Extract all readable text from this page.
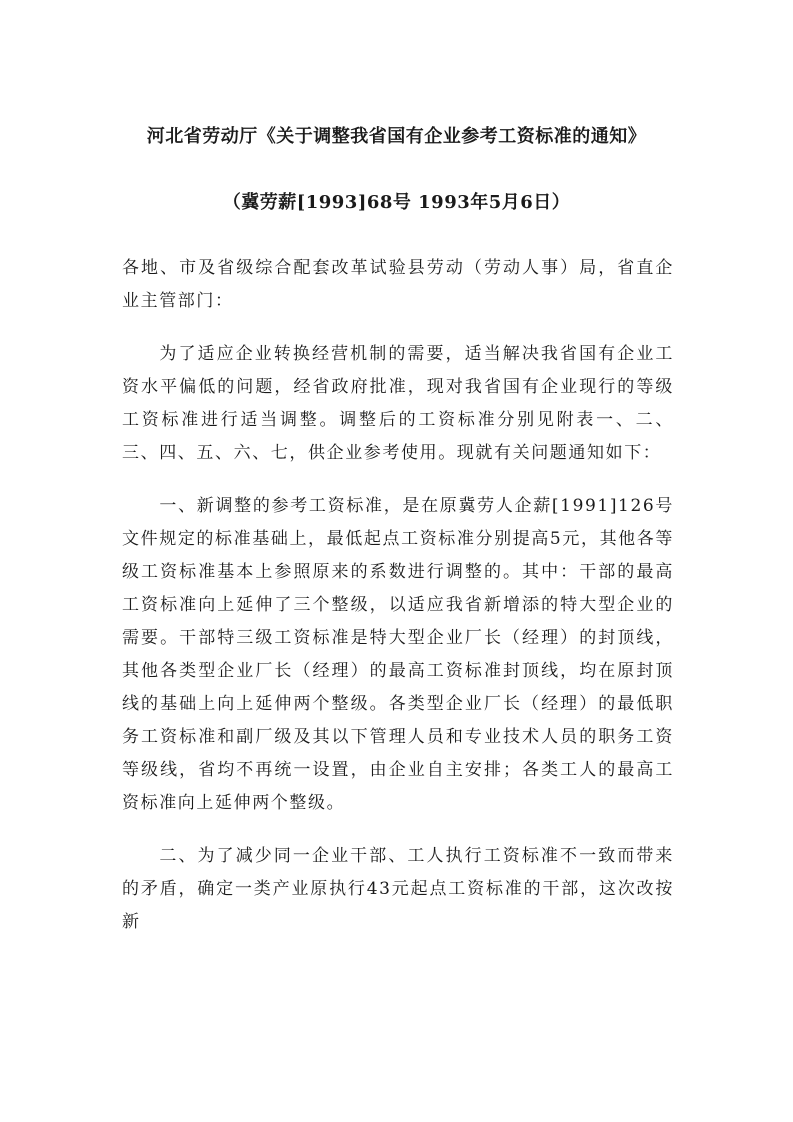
河北省劳动厅《关于调整我省国有企业参考工资标准的通知》
（冀劳薪[1993]68号 1993年5月6日）

各地、市及省级综合配套改革试验县劳动（劳动人事）局，省直企业主管部门：

为了适应企业转换经营机制的需要，适当解决我省国有企业工资水平偏低的问题，经省政府批准，现对我省国有企业现行的等级工资标准进行适当调整。调整后的工资标准分别见附表一、二、三、四、五、六、七，供企业参考使用。现就有关问题通知如下：

一、新调整的参考工资标准，是在原冀劳人企薪[1991]126号文件规定的标准基础上，最低起点工资标准分别提高5元，其他各等级工资标准基本上参照原来的系数进行调整的。其中：干部的最高工资标准向上延伸了三个整级，以适应我省新增添的特大型企业的需要。干部特三级工资标准是特大型企业厂长（经理）的封顶线，其他各类型企业厂长（经理）的最高工资标准封顶线，均在原封顶线的基础上向上延伸两个整级。各类型企业厂长（经理）的最低职务工资标准和副厂级及其以下管理人员和专业技术人员的职务工资等级线，省均不再统一设置，由企业自主安排；各类工人的最高工资标准向上延伸两个整级。

二、为了减少同一企业干部、工人执行工资标准不一致而带来的矛盾，确定一类产业原执行43元起点工资标准的干部，这次改按新
